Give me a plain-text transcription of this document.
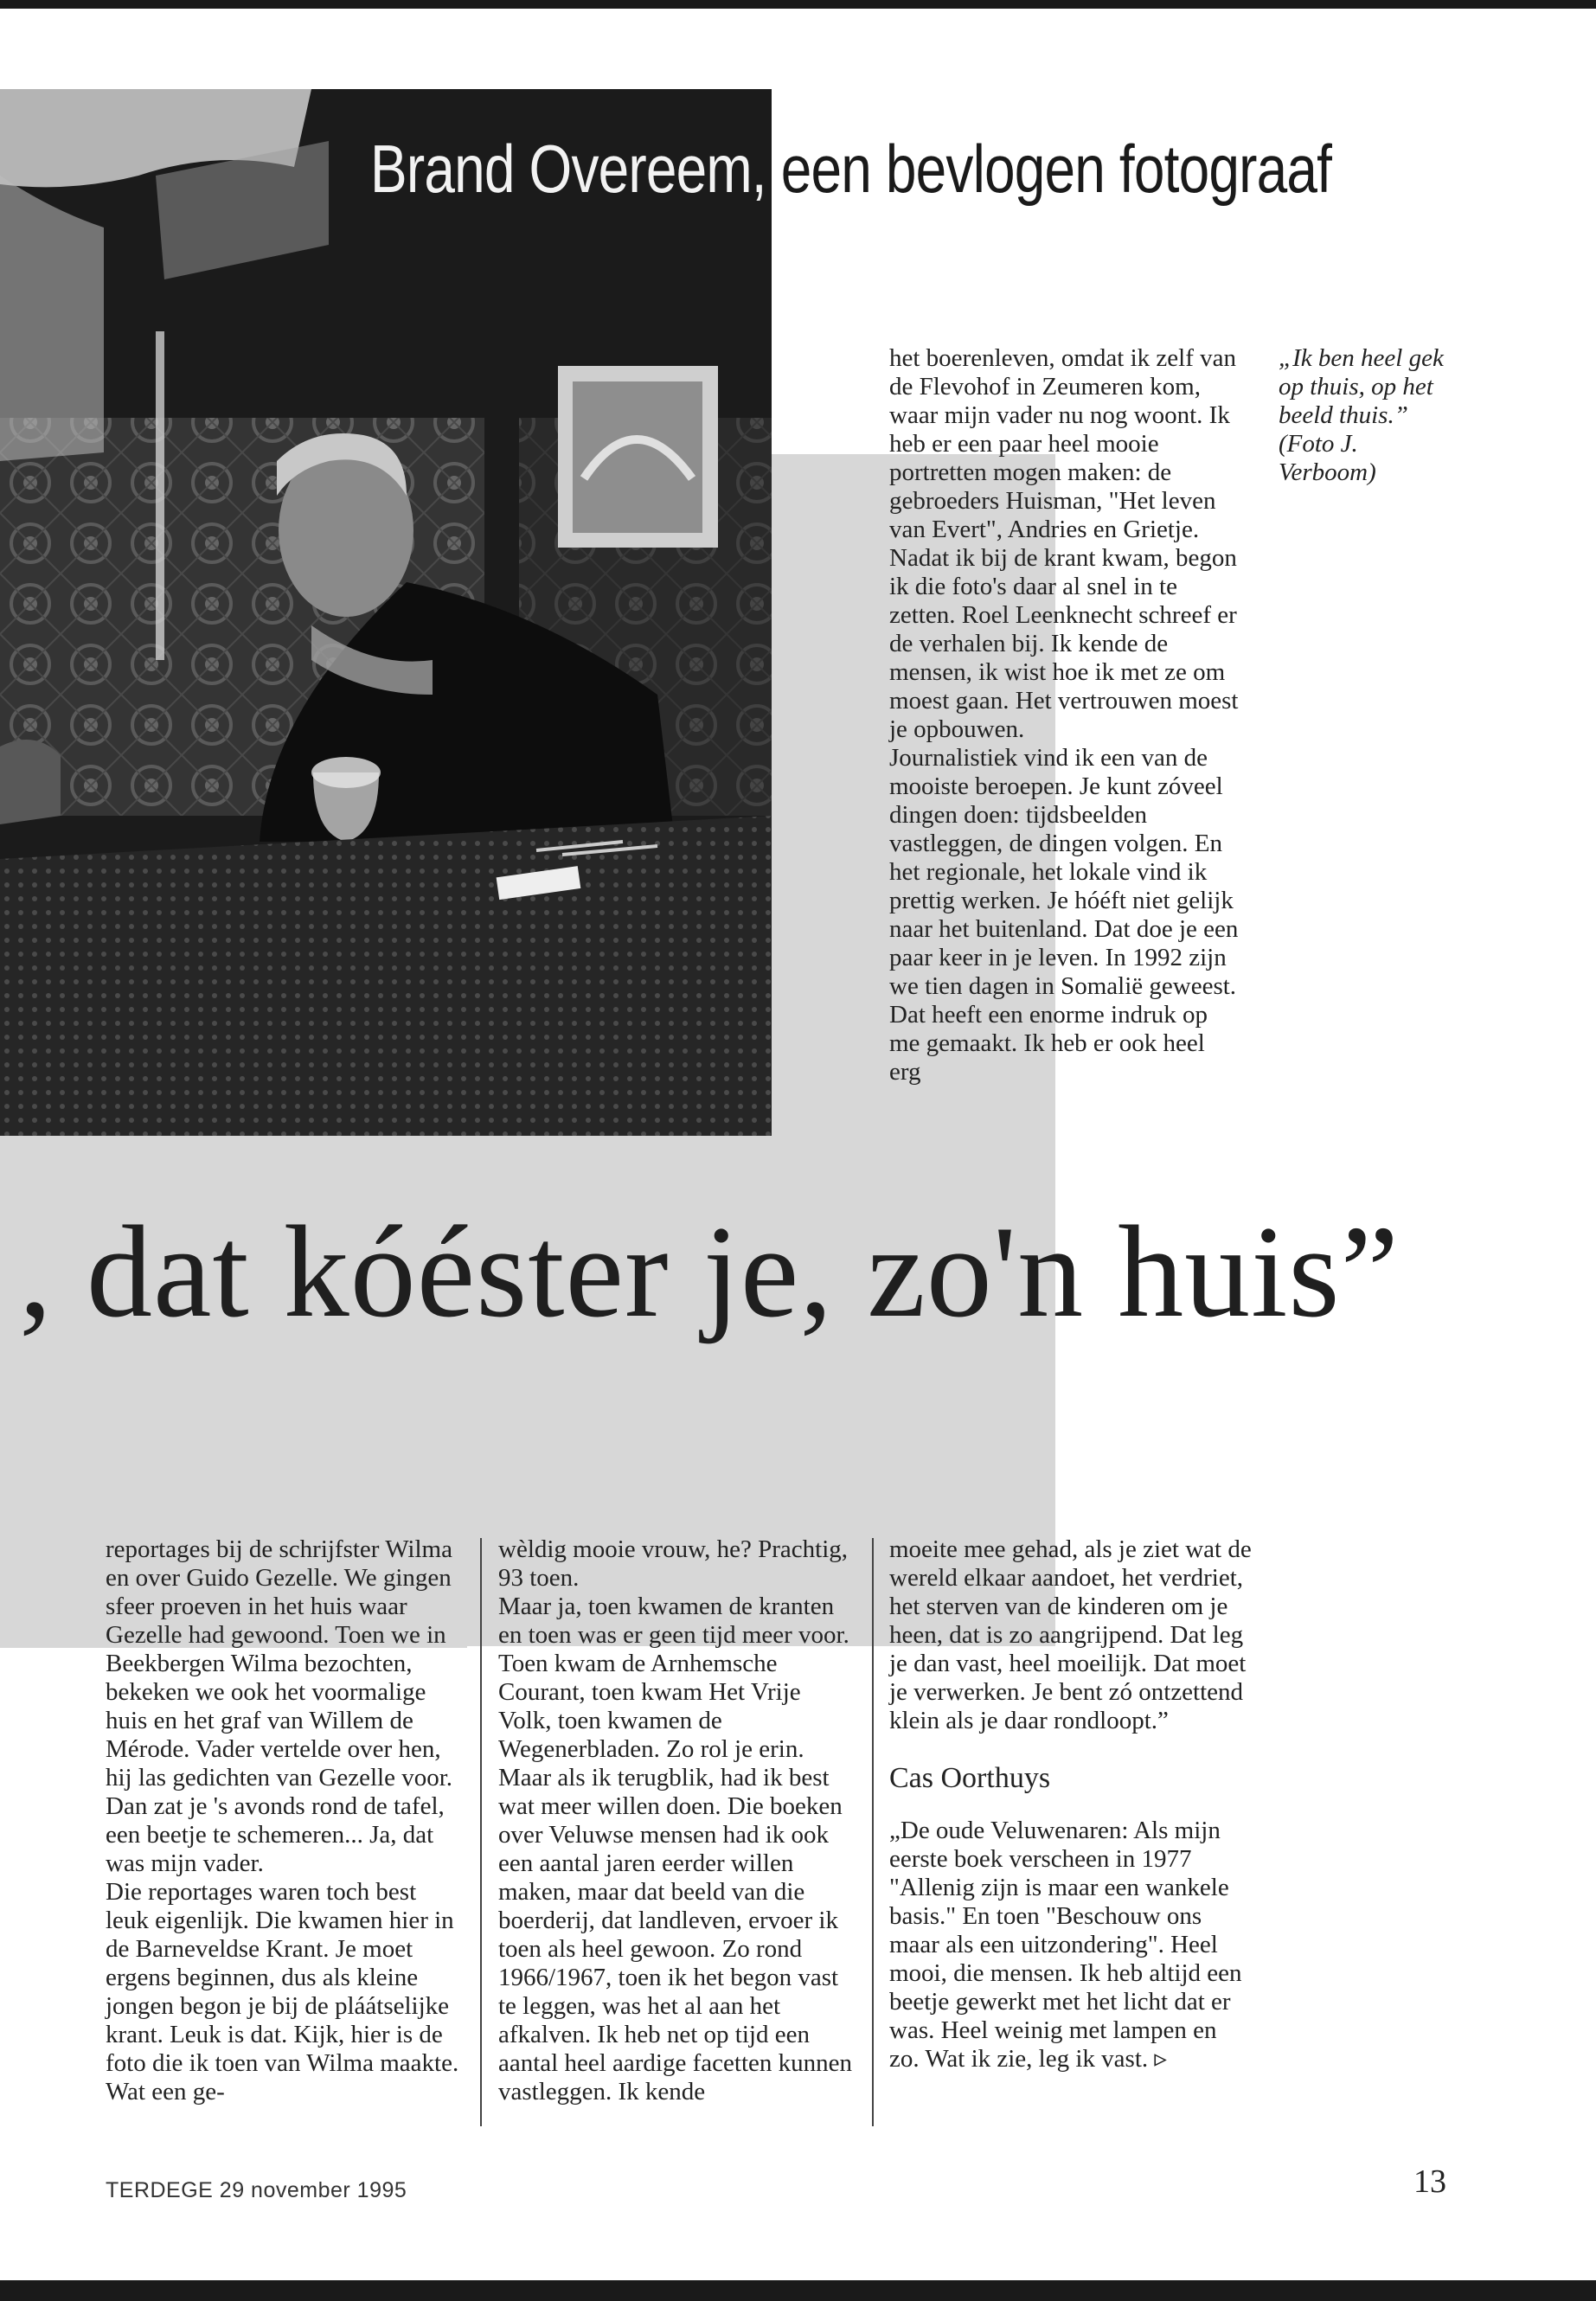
Brand Overeem, een bevlogen fotograaf

het boerenleven, omdat ik zelf van de Flevohof in Zeumeren kom, waar mijn vader nu nog woont. Ik heb er een paar heel mooie portretten mogen maken: de gebroeders Huisman, "Het leven van Evert", Andries en Grietje.

Nadat ik bij de krant kwam, begon ik die foto's daar al snel in te zetten. Roel Leenknecht schreef er de verhalen bij. Ik kende de mensen, ik wist hoe ik met ze om moest gaan. Het vertrouwen moest je opbouwen.

Journalistiek vind ik een van de mooiste beroepen. Je kunt zóveel dingen doen: tijdsbeelden vastleggen, de dingen volgen. En het regionale, het lokale vind ik prettig werken. Je hóéft niet gelijk naar het buitenland. Dat doe je een paar keer in je leven. In 1992 zijn we tien dagen in Somalië geweest. Dat heeft een enorme indruk op me gemaakt. Ik heb er ook heel erg

„Ik ben heel gek op thuis, op het beeld thuis.”
(Foto J. Verboom)
, dat kóéster je, zo'n huis”

reportages bij de schrijfster Wilma en over Guido Gezelle. We gingen sfeer proeven in het huis waar Gezelle had gewoond. Toen we in Beekbergen Wilma bezochten, bekeken we ook het voormalige huis en het graf van Willem de Mérode. Vader vertelde over hen, hij las gedichten van Gezelle voor. Dan zat je 's avonds rond de tafel, een beetje te schemeren... Ja, dat was mijn vader.

Die reportages waren toch best leuk eigenlijk. Die kwamen hier in de Barneveldse Krant. Je moet ergens beginnen, dus als kleine jongen begon je bij de pláátselijke krant. Leuk is dat. Kijk, hier is de foto die ik toen van Wilma maakte. Wat een ge-

wèldig mooie vrouw, he? Prachtig, 93 toen.

Maar ja, toen kwamen de kranten en toen was er geen tijd meer voor. Toen kwam de Arnhemsche Courant, toen kwam Het Vrije Volk, toen kwamen de Wegenerbladen. Zo rol je erin. Maar als ik terugblik, had ik best wat meer willen doen. Die boeken over Veluwse mensen had ik ook een aantal jaren eerder willen maken, maar dat beeld van die boerderij, dat landleven, ervoer ik toen als heel gewoon. Zo rond 1966/1967, toen ik het begon vast te leggen, was het al aan het afkalven. Ik heb net op tijd een aantal heel aardige facetten kunnen vastleggen. Ik kende

moeite mee gehad, als je ziet wat de wereld elkaar aandoet, het verdriet, het sterven van de kinderen om je heen, dat is zo aangrijpend. Dat leg je dan vast, heel moeilijk. Dat moet je verwerken. Je bent zó ontzettend klein als je daar rondloopt.”

Cas Oorthuys

„De oude Veluwenaren: Als mijn eerste boek verscheen in 1977 "Allenig zijn is maar een wankele basis." En toen "Beschouw ons maar als een uitzondering". Heel mooi, die mensen. Ik heb altijd een beetje gewerkt met het licht dat er was. Heel weinig met lampen en zo. Wat ik zie, leg ik vast. ▹

TERDEGE 29 november 1995	13
